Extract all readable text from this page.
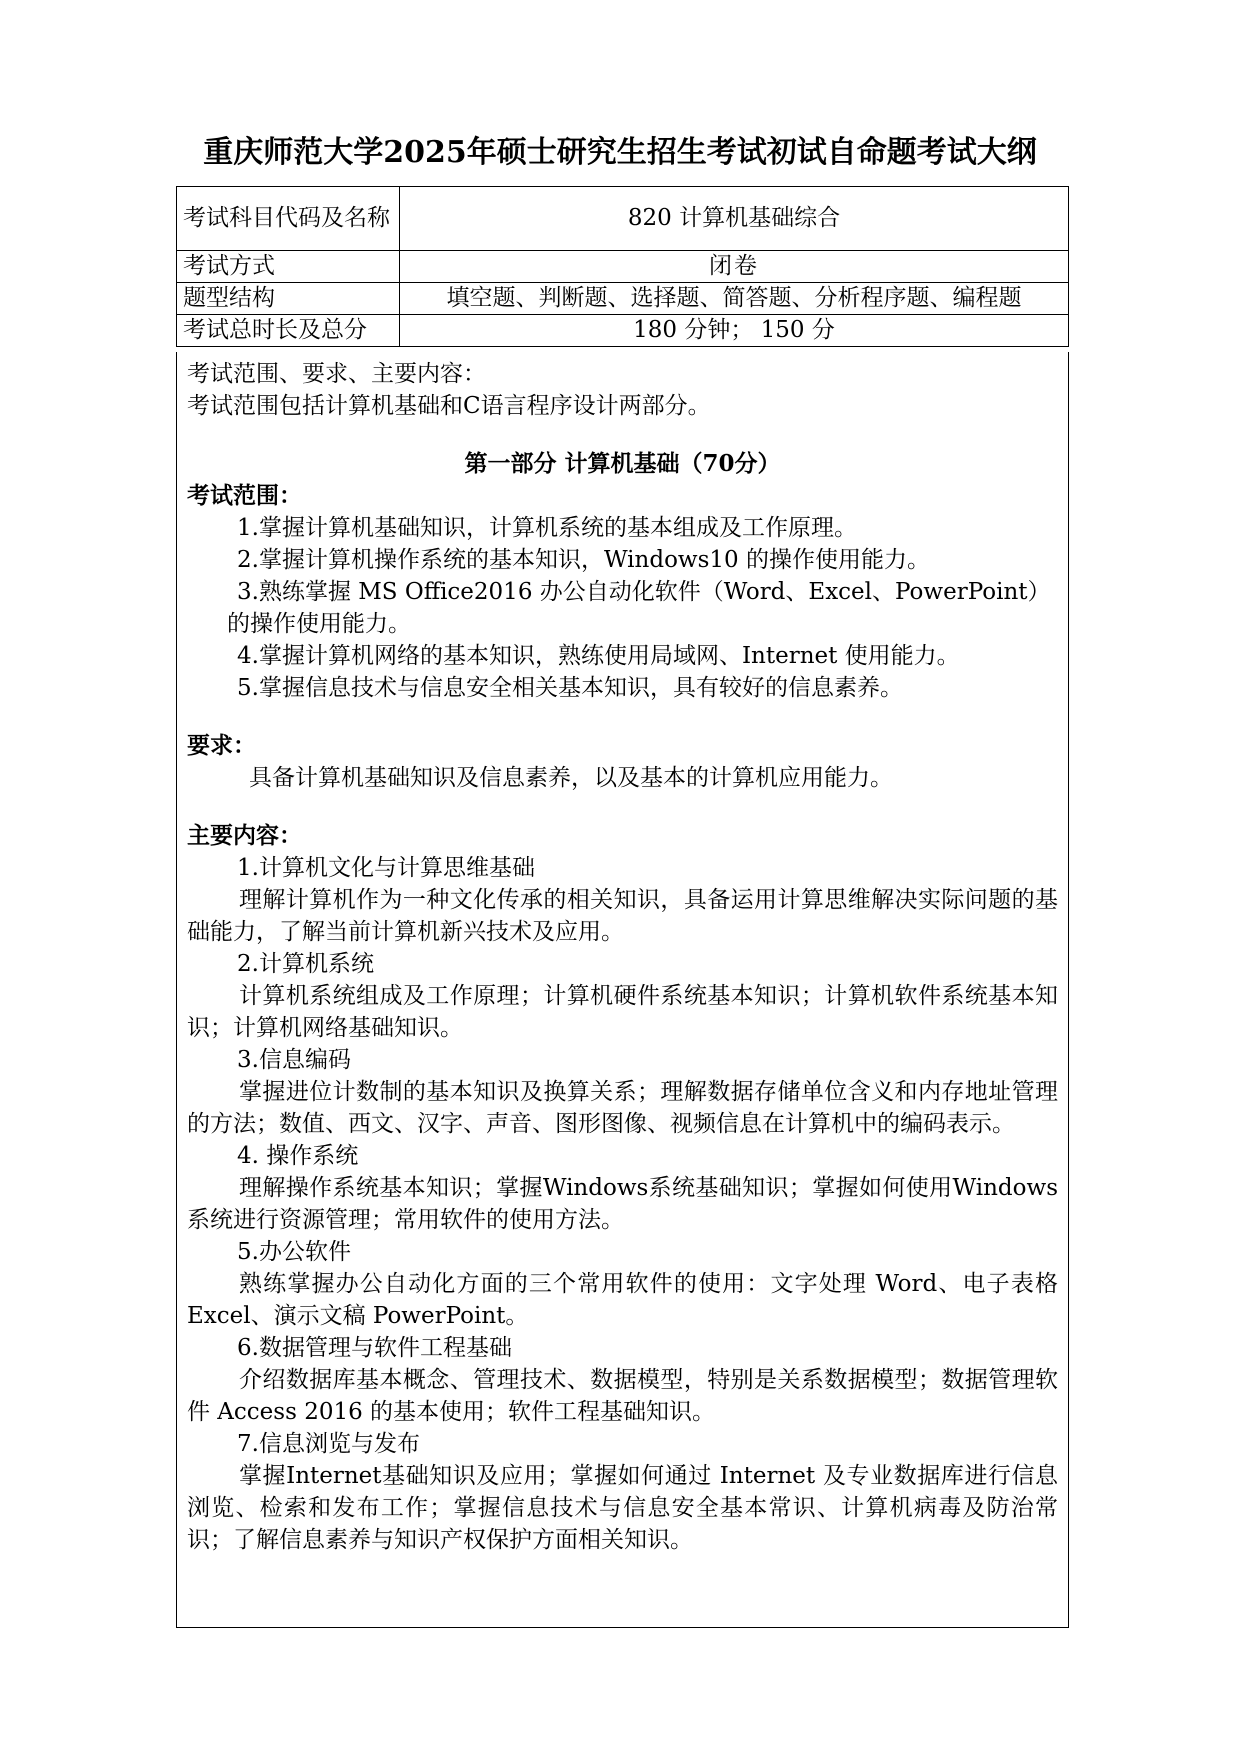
重庆师范大学2025年硕士研究生招生考试初试自命题考试大纲
考试科目代码及名称	820 计算机基础综合
考试方式	闭卷
题型结构	填空题、判断题、选择题、简答题、分析程序题、编程题
考试总时长及总分	180 分钟； 150 分

考试范围、要求、主要内容：

考试范围包括计算机基础和C语言程序设计两部分。

第一部分 计算机基础（70分）

考试范围：

1.掌握计算机基础知识，计算机系统的基本组成及工作原理。

2.掌握计算机操作系统的基本知识，Windows10 的操作使用能力。

3.熟练掌握 MS Office2016 办公自动化软件（Word、Excel、PowerPoint）的操作使用能力。

4.掌握计算机网络的基本知识，熟练使用局域网、Internet 使用能力。

5.掌握信息技术与信息安全相关基本知识，具有较好的信息素养。

要求：

具备计算机基础知识及信息素养，以及基本的计算机应用能力。

主要内容：

1.计算机文化与计算思维基础

理解计算机作为一种文化传承的相关知识，具备运用计算思维解决实际问题的基础能力，了解当前计算机新兴技术及应用。

2.计算机系统

计算机系统组成及工作原理；计算机硬件系统基本知识；计算机软件系统基本知识；计算机网络基础知识。

3.信息编码

掌握进位计数制的基本知识及换算关系；理解数据存储单位含义和内存地址管理的方法；数值、西文、汉字、声音、图形图像、视频信息在计算机中的编码表示。

4. 操作系统

理解操作系统基本知识；掌握Windows系统基础知识；掌握如何使用Windows系统进行资源管理；常用软件的使用方法。

5.办公软件

熟练掌握办公自动化方面的三个常用软件的使用：文字处理 Word、电子表格 Excel、演示文稿 PowerPoint。

6.数据管理与软件工程基础

介绍数据库基本概念、管理技术、数据模型，特别是关系数据模型；数据管理软件 Access 2016 的基本使用；软件工程基础知识。

7.信息浏览与发布

掌握Internet基础知识及应用；掌握如何通过 Internet 及专业数据库进行信息浏览、检索和发布工作；掌握信息技术与信息安全基本常识、计算机病毒及防治常识；了解信息素养与知识产权保护方面相关知识。
